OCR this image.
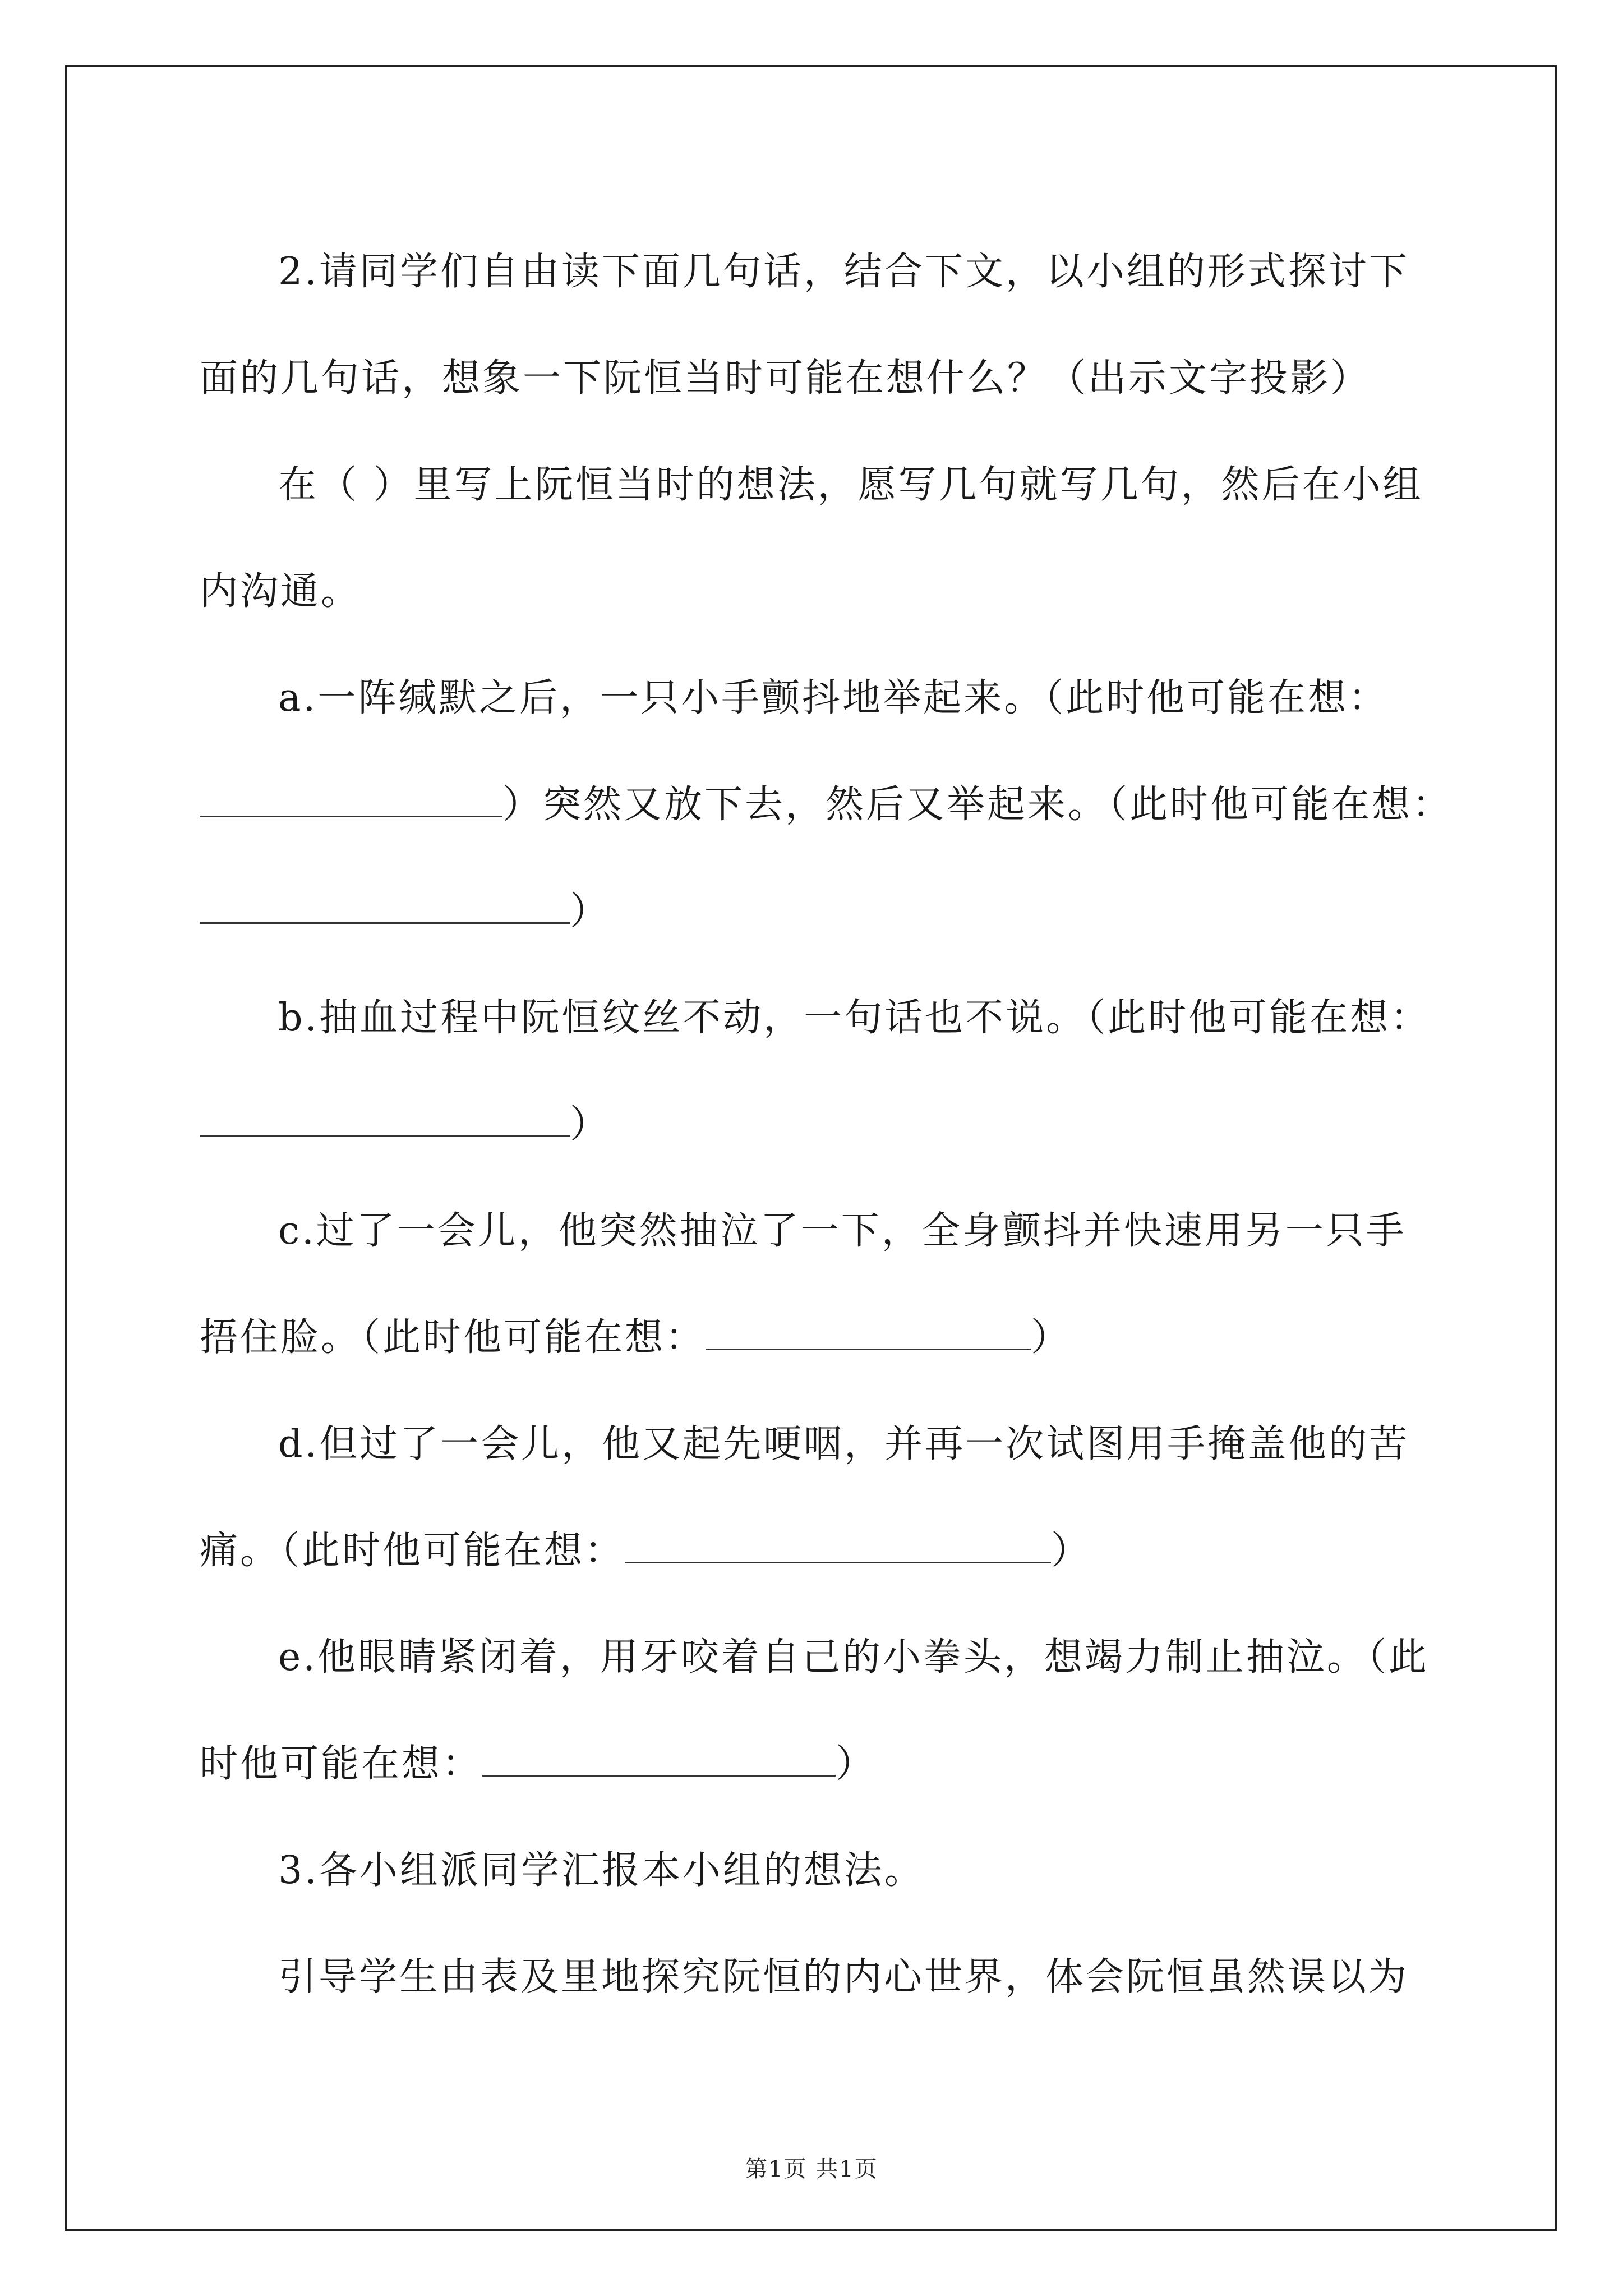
2.请同学们自由读下面几句话，结合下文，以小组的形式探讨下

面的几句话，想象一下阮恒当时可能在想什么？（出示文字投影）

在（ ）里写上阮恒当时的想法，愿写几句就写几句，然后在小组

内沟通。

a.一阵缄默之后，一只小手颤抖地举起来。（此时他可能在想：

）突然又放下去，然后又举起来。（此时他可能在想：

）

b.抽血过程中阮恒纹丝不动，一句话也不说。（此时他可能在想：

）

c.过了一会儿，他突然抽泣了一下，全身颤抖并快速用另一只手

捂住脸。（此时他可能在想：	）

d.但过了一会儿，他又起先哽咽，并再一次试图用手掩盖他的苦

痛。（此时他可能在想：	）

e.他眼睛紧闭着，用牙咬着自己的小拳头，想竭力制止抽泣。（此

时他可能在想：	）

3.各小组派同学汇报本小组的想法。

引导学生由表及里地探究阮恒的内心世界，体会阮恒虽然误以为

第1页 共1页
